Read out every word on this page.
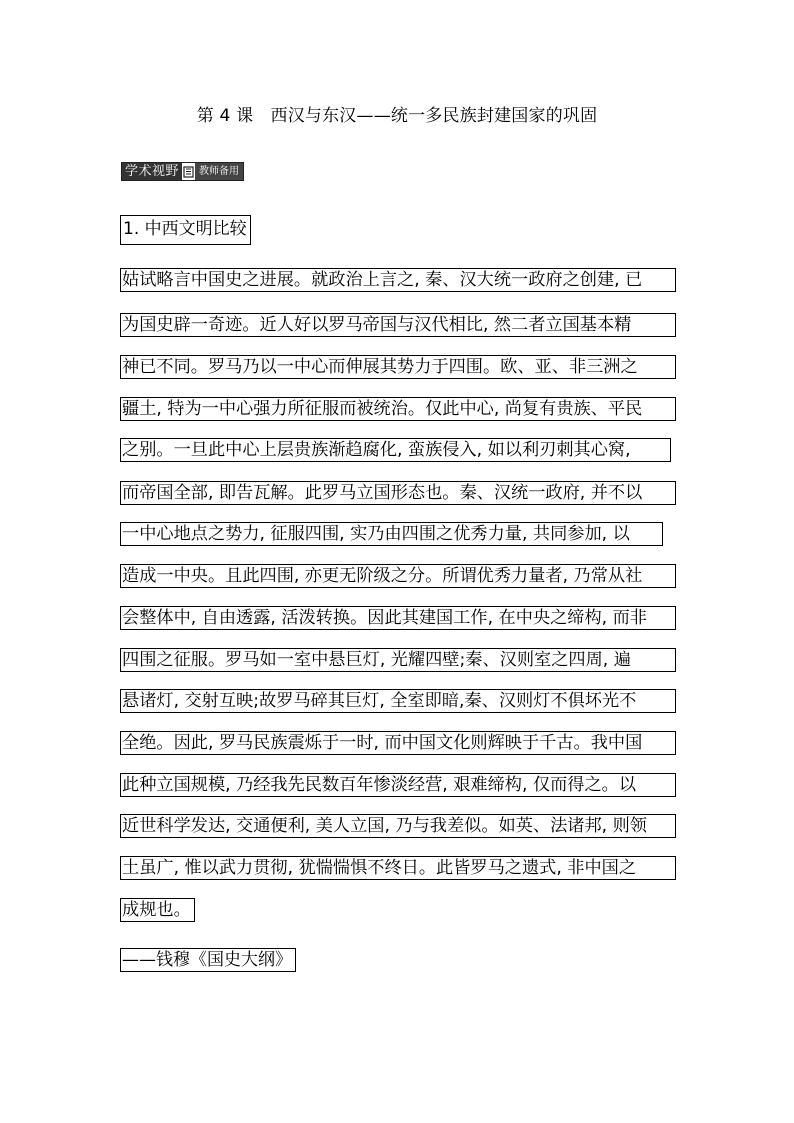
第 4 课　西汉与东汉——统一多民族封建国家的巩固
学术视野	教师备用
1. 中西文明比较
姑试略言中国史之进展。就政治上言之, 秦、汉大统一政府之创建, 已
为国史辟一奇迹。近人好以罗马帝国与汉代相比, 然二者立国基本精
神已不同。罗马乃以一中心而伸展其势力于四围。欧、亚、非三洲之
疆土, 特为一中心强力所征服而被统治。仅此中心, 尚复有贵族、平民
之别。一旦此中心上层贵族渐趋腐化, 蛮族侵入, 如以利刃刺其心窝,
而帝国全部, 即告瓦解。此罗马立国形态也。秦、汉统一政府, 并不以
一中心地点之势力, 征服四围, 实乃由四围之优秀力量, 共同参加, 以
造成一中央。且此四围, 亦更无阶级之分。所谓优秀力量者, 乃常从社
会整体中, 自由透露, 活泼转换。因此其建国工作, 在中央之缔构, 而非
四围之征服。罗马如一室中悬巨灯, 光耀四壁;秦、汉则室之四周, 遍
悬诸灯, 交射互映;故罗马碎其巨灯, 全室即暗,秦、汉则灯不俱坏光不
全绝。因此, 罗马民族震烁于一时, 而中国文化则辉映于千古。我中国
此种立国规模, 乃经我先民数百年惨淡经营, 艰难缔构, 仅而得之。以
近世科学发达, 交通便利, 美人立国, 乃与我差似。如英、法诸邦, 则领
土虽广, 惟以武力贯彻, 犹惴惴惧不终日。此皆罗马之遗式, 非中国之
成规也。
——钱穆《国史大纲》
